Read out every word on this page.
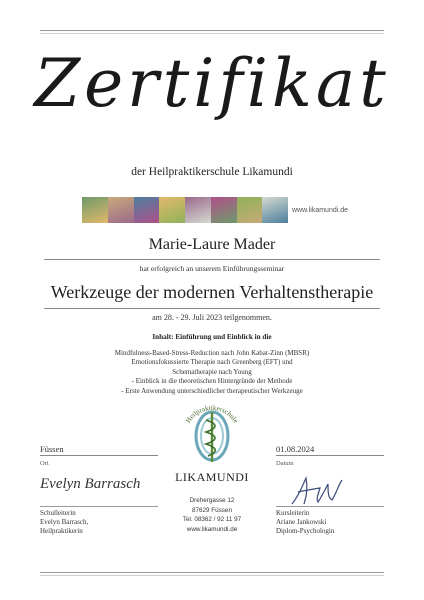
Zertifikat
der Heilpraktikerschule Likamundi
www.likamundi.de
Marie-Laure Mader
hat erfolgreich an unserem Einführungsseminar
Werkzeuge der modernen Verhaltenstherapie
am 28. - 29. Juli 2023 teilgenommen.
Inhalt: Einführung und Einblick in die
Mindfulness-Based-Stress-Reduction nach John Kabat-Zinn (MBSR)
Emotionsfokussierte Therapie nach Greenberg (EFT) und
Schematherapie nach Young
- Einblick in die theoretischen Hintergründe der Methode
- Erste Anwendung unterschiedlicher therapeutischer Werkzeuge
Füssen
Ort
01.08.2024
Datum
Evelyn Barrasch
Schulleiterin
Evelyn Barrasch,
Heilpraktikerin
Kursleiterin
Ariane Jankowski
Diplom-Psychologin
Heilpraktikerschule
LIKAMUNDI
Drehergasse 12
87629 Füssen
Tel. 08362 / 92 11 97
www.likamundi.de
